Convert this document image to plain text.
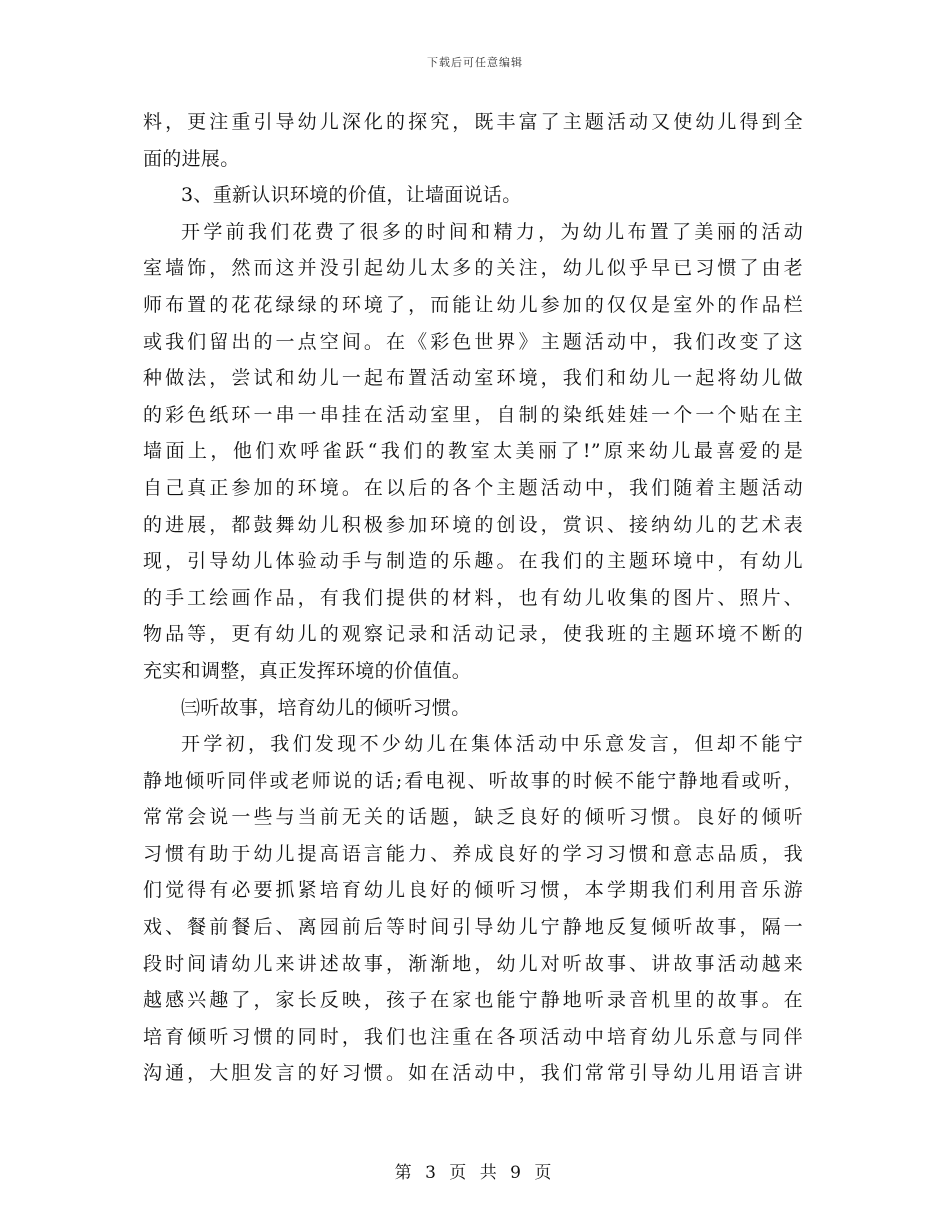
下载后可任意编辑
料，更注重引导幼儿深化的探究，既丰富了主题活动又使幼儿得到全
面的进展。
3、重新认识环境的价值，让墙面说话。
开学前我们花费了很多的时间和精力，为幼儿布置了美丽的活动
室墙饰，然而这并没引起幼儿太多的关注，幼儿似乎早已习惯了由老
师布置的花花绿绿的环境了，而能让幼儿参加的仅仅是室外的作品栏
或我们留出的一点空间。在《彩色世界》主题活动中，我们改变了这
种做法，尝试和幼儿一起布置活动室环境，我们和幼儿一起将幼儿做
的彩色纸环一串一串挂在活动室里，自制的染纸娃娃一个一个贴在主
墙面上，他们欢呼雀跃“我们的教室太美丽了!”原来幼儿最喜爱的是
自己真正参加的环境。在以后的各个主题活动中，我们随着主题活动
的进展，都鼓舞幼儿积极参加环境的创设，赏识、接纳幼儿的艺术表
现，引导幼儿体验动手与制造的乐趣。在我们的主题环境中，有幼儿
的手工绘画作品，有我们提供的材料，也有幼儿收集的图片、照片、
物品等，更有幼儿的观察记录和活动记录，使我班的主题环境不断的
充实和调整，真正发挥环境的价值值。
㈢听故事，培育幼儿的倾听习惯。
开学初，我们发现不少幼儿在集体活动中乐意发言，但却不能宁
静地倾听同伴或老师说的话;看电视、听故事的时候不能宁静地看或听，
常常会说一些与当前无关的话题，缺乏良好的倾听习惯。良好的倾听
习惯有助于幼儿提高语言能力、养成良好的学习习惯和意志品质，我
们觉得有必要抓紧培育幼儿良好的倾听习惯，本学期我们利用音乐游
戏、餐前餐后、离园前后等时间引导幼儿宁静地反复倾听故事，隔一
段时间请幼儿来讲述故事，渐渐地，幼儿对听故事、讲故事活动越来
越感兴趣了，家长反映，孩子在家也能宁静地听录音机里的故事。在
培育倾听习惯的同时，我们也注重在各项活动中培育幼儿乐意与同伴
沟通，大胆发言的好习惯。如在活动中，我们常常引导幼儿用语言讲
第 3 页 共 9 页
